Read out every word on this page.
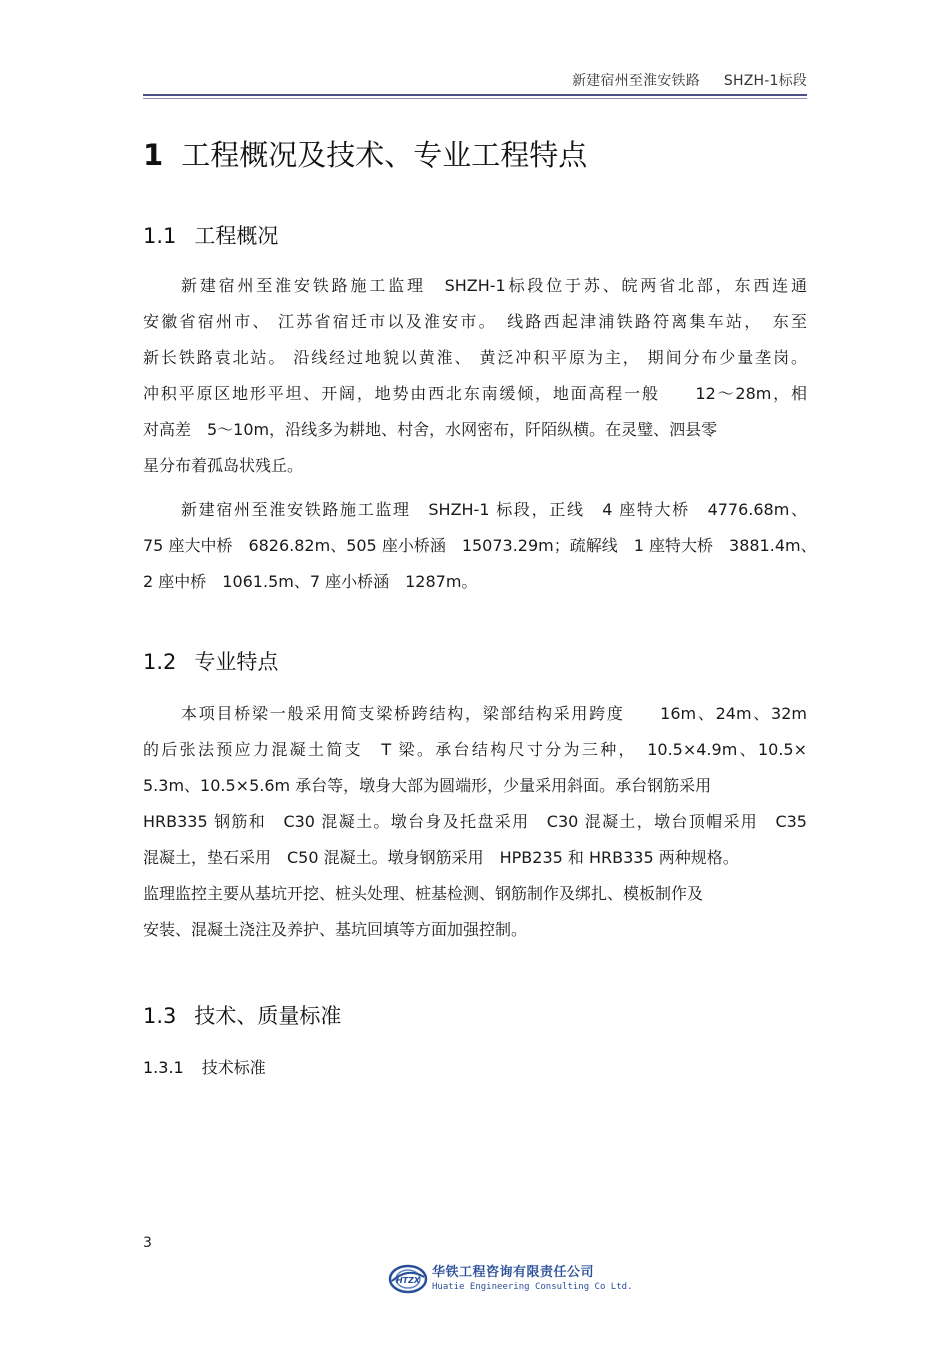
新建宿州至淮安铁路 SHZH-1标段
1 工程概况及技术、专业工程特点
1.1 工程概况
新建宿州至淮安铁路施工监理　SHZH-1标段位于苏、皖两省北部，东西连通
安徽省宿州市、 江苏省宿迁市以及淮安市。　线路西起津浦铁路符离集车站，　东至
新长铁路袁北站。 沿线经过地貌以黄淮、 黄泛冲积平原为主， 期间分布少量垄岗。
冲积平原区地形平坦、开阔，地势由西北东南缓倾，地面高程一般　　12～28m，相
对高差　5～10m，沿线多为耕地、村舍，水网密布，阡陌纵横。在灵璧、泗县零
星分布着孤岛状残丘。
新建宿州至淮安铁路施工监理　SHZH-1 标段，正线　4 座特大桥　4776.68m、
75 座大中桥　6826.82m、505 座小桥涵　15073.29m；疏解线　1 座特大桥　3881.4m、
2 座中桥　1061.5m、7 座小桥涵　1287m。
1.2 专业特点
本项目桥梁一般采用简支梁桥跨结构，梁部结构采用跨度　　16m、24m、32m
的后张法预应力混凝土简支　T 梁。承台结构尺寸分为三种，　10.5×4.9m、10.5×
5.3m、10.5×5.6m 承台等，墩身大部为圆端形，少量采用斜面。承台钢筋采用
HRB335 钢筋和　C30 混凝土。墩台身及托盘采用　C30 混凝土，墩台顶帽采用　C35
混凝土，垫石采用　C50 混凝土。墩身钢筋采用　HPB235 和 HRB335 两种规格。
监理监控主要从基坑开挖、桩头处理、桩基检测、钢筋制作及绑扎、模板制作及
安装、混凝土浇注及养护、基坑回填等方面加强控制。
1.3 技术、质量标准
1.3.1 技术标准
3
HTZX
华铁工程咨询有限责任公司
Huatie Engineering Consulting Co Ltd.
